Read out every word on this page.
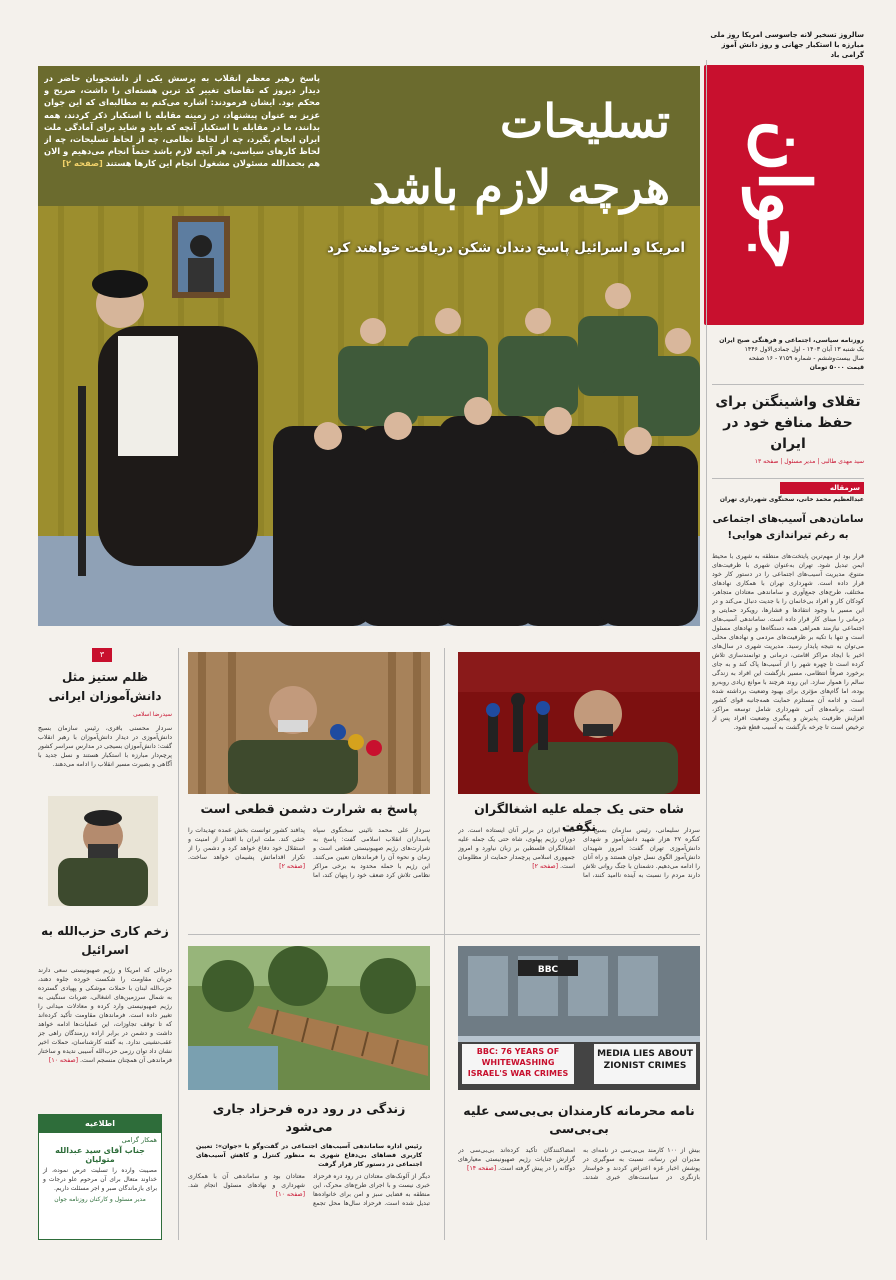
سالروز تسخیر لانه جاسوسی امریکا روز ملی
مبارزه با استکبار جهانی و روز دانش آموز گرامی باد
جوان
روزنامه سیاسی، اجتماعی و فرهنگی صبح ایران
یک شنبه ۱۳ آبان ۱۴۰۳ - اول جمادی‌الاول ۱۴۴۶
سال بیست‌وششم - شماره ۷۱۵۹ - ۱۶ صفحه
قیمت ۵۰۰۰ تومان
تقلای واشینگتن برای حفظ منافع خود در ایران
سید مهدی طالبی | مدیر مسئول | صفحه ۱۳
سرمقاله
عبدالعظیم محمد خانی، سخنگوی شهرداری تهران
سامان‌دهی آسیب‌های اجتماعی به رغم تیراندازی هوایی!
قرار بود از مهم‌ترین پایتخت‌های منطقه به شهری با محیط ایمن تبدیل شود. تهران به‌عنوان شهری با ظرفیت‌های متنوع، مدیریت آسیب‌های اجتماعی را در دستور کار خود قرار داده است. شهرداری تهران با همکاری نهادهای مختلف، طرح‌های جمع‌آوری و ساماندهی معتادان متجاهر، کودکان کار و افراد بی‌خانمان را با جدیت دنبال می‌کند و در این مسیر با وجود انتقادها و فشارها، رویکرد حمایتی و درمانی را مبنای کار قرار داده است. ساماندهی آسیب‌های اجتماعی نیازمند همراهی همه دستگاه‌ها و نهادهای مسئول است و تنها با تکیه بر ظرفیت‌های مردمی و نهادهای محلی می‌توان به نتیجه پایدار رسید. مدیریت شهری در سال‌های اخیر با ایجاد مراکز اقامتی، درمانی و توانمندسازی تلاش کرده است تا چهره شهر را از آسیب‌ها پاک کند و به جای برخورد صرفاً انتظامی، مسیر بازگشت این افراد به زندگی سالم را هموار سازد. این روند هرچند با موانع زیادی روبه‌رو بوده، اما گام‌های مؤثری برای بهبود وضعیت برداشته شده است و ادامه آن مستلزم حمایت همه‌جانبه قوای کشور است. برنامه‌های آتی شهرداری شامل توسعه مراکز، افزایش ظرفیت پذیرش و پیگیری وضعیت افراد پس از ترخیص است تا چرخه بازگشت به آسیب قطع شود.
پاسخ رهبر معظم انقلاب به پرسش یکی از دانشجویان حاضر در دیدار دیروز که تقاضای تغییر کد ترین هسته‌ای را داشت، صریح و محکم بود. ایشان فرمودند: اشاره می‌کنم به مطالبه‌ای که این جوان عزیز به عنوان پیشنهاد، در زمینه مقابله با استکبار ذکر کردند، همه بدانند، ما در مقابله با استکبار آنچه که باید و شاید برای آمادگی ملت ایران انجام بگیرد، چه از لحاظ نظامی، چه از لحاظ تسلیحات، چه از لحاظ کارهای سیاسی، هر آنچه لازم باشد حتماً انجام می‌دهیم و الان هم بحمدالله مسئولان مشغول انجام این کارها هستند [صفحه ۲]
تسلیحات
هرچه لازم باشد
امریکا و اسرائیل پاسخ دندان شکن دریافت خواهند کرد
۳
ظلم ستیز مثل دانش‌آموزان ایرانی
سیدرضا اسلامی
سردار محسنی باقری، رئیس سازمان بسیج دانش‌آموزی در دیدار دانش‌آموزان با رهبر انقلاب گفت: دانش‌آموزان بسیجی در مدارس سراسر کشور پرچم‌دار مبارزه با استکبار هستند و نسل جدید با آگاهی و بصیرت مسیر انقلاب را ادامه می‌دهند.
زخم کاری حزب‌الله به اسرائیل
درحالی که امریکا و رژیم صهیونیستی سعی دارند جریان مقاومت را شکست خورده جلوه دهند، حزب‌الله لبنان با حملات موشکی و پهپادی گسترده به شمال سرزمین‌های اشغالی، ضربات سنگینی به رژیم صهیونیستی وارد کرده و معادلات میدانی را تغییر داده است. فرماندهان مقاومت تأکید کرده‌اند که تا توقف تجاوزات، این عملیات‌ها ادامه خواهد داشت و دشمن در برابر اراده رزمندگان راهی جز عقب‌نشینی ندارد. به گفته کارشناسان، حملات اخیر نشان داد توان رزمی حزب‌الله آسیبی ندیده و ساختار فرماندهی آن همچنان منسجم است. [صفحه ۱۰]
اطلاعیه
همکار گرامی
جناب آقای سید عبدالله متولیان
مصیبت وارده را تسلیت عرض نموده، از خداوند متعال برای آن مرحوم علو درجات و برای بازماندگان صبر و اجر مسئلت داریم.
مدیر مسئول و کارکنان روزنامه جوان
شاه حتی یک جمله علیه اشغالگران نگفت
سردار سلیمانی، رئیس سازمان بسیج در کنگره ۲۷ هزار شهید دانش‌آموز و شهدای دانش‌آموزی تهران گفت: امروز شهیدان دانش‌آموز الگوی نسل جوان هستند و راه آنان را ادامه می‌دهیم. دشمنان با جنگ روانی تلاش دارند مردم را نسبت به آینده ناامید کنند، اما ملت ایران در برابر آنان ایستاده است. در دوران رژیم پهلوی، شاه حتی یک جمله علیه اشغالگران فلسطین بر زبان نیاورد و امروز جمهوری اسلامی پرچمدار حمایت از مظلومان است. [صفحه ۲]
پاسخ به شرارت دشمن قطعی است
سردار علی محمد نائینی سخنگوی سپاه پاسداران انقلاب اسلامی گفت: پاسخ به شرارت‌های رژیم صهیونیستی قطعی است و زمان و نحوه آن را فرماندهان تعیین می‌کنند. این رژیم با حمله محدود به برخی مراکز نظامی تلاش کرد ضعف خود را پنهان کند، اما پدافند کشور توانست بخش عمده تهدیدات را خنثی کند. ملت ایران با اقتدار از امنیت و استقلال خود دفاع خواهد کرد و دشمن را از تکرار اقداماتش پشیمان خواهد ساخت. [صفحه ۲]
BBC
BBC: 76 YEARS OF WHITEWASHING ISRAEL'S WAR CRIMES
MEDIA LIES ABOUT ZIONIST CRIMES
نامه محرمانه کارمندان بی‌بی‌سی علیه بی‌بی‌سی
بیش از ۱۰۰ کارمند بی‌بی‌سی در نامه‌ای به مدیران این رسانه، نسبت به سوگیری در پوشش اخبار غزه اعتراض کردند و خواستار بازنگری در سیاست‌های خبری شدند. امضاکنندگان تأکید کرده‌اند بی‌بی‌سی در گزارش جنایات رژیم صهیونیستی معیارهای دوگانه را در پیش گرفته است. [صفحه ۱۴]
زندگی در رود دره فرحزاد جاری می‌شود
رئیس اداره ساماندهی آسیب‌های اجتماعی در گفت‌وگو با «جوان»: تعیین کاربری فضاهای بی‌دفاع شهری به منظور کنترل و کاهش آسیب‌های اجتماعی در دستور کار قرار گرفت
دیگر از آلونک‌های معتادان در رود دره فرحزاد خبری نیست و با اجرای طرح‌های محرک، این منطقه به فضایی سبز و امن برای خانواده‌ها تبدیل شده است. فرحزاد سال‌ها محل تجمع معتادان بود و ساماندهی آن با همکاری شهرداری و نهادهای مسئول انجام شد. [صفحه ۱۰]
